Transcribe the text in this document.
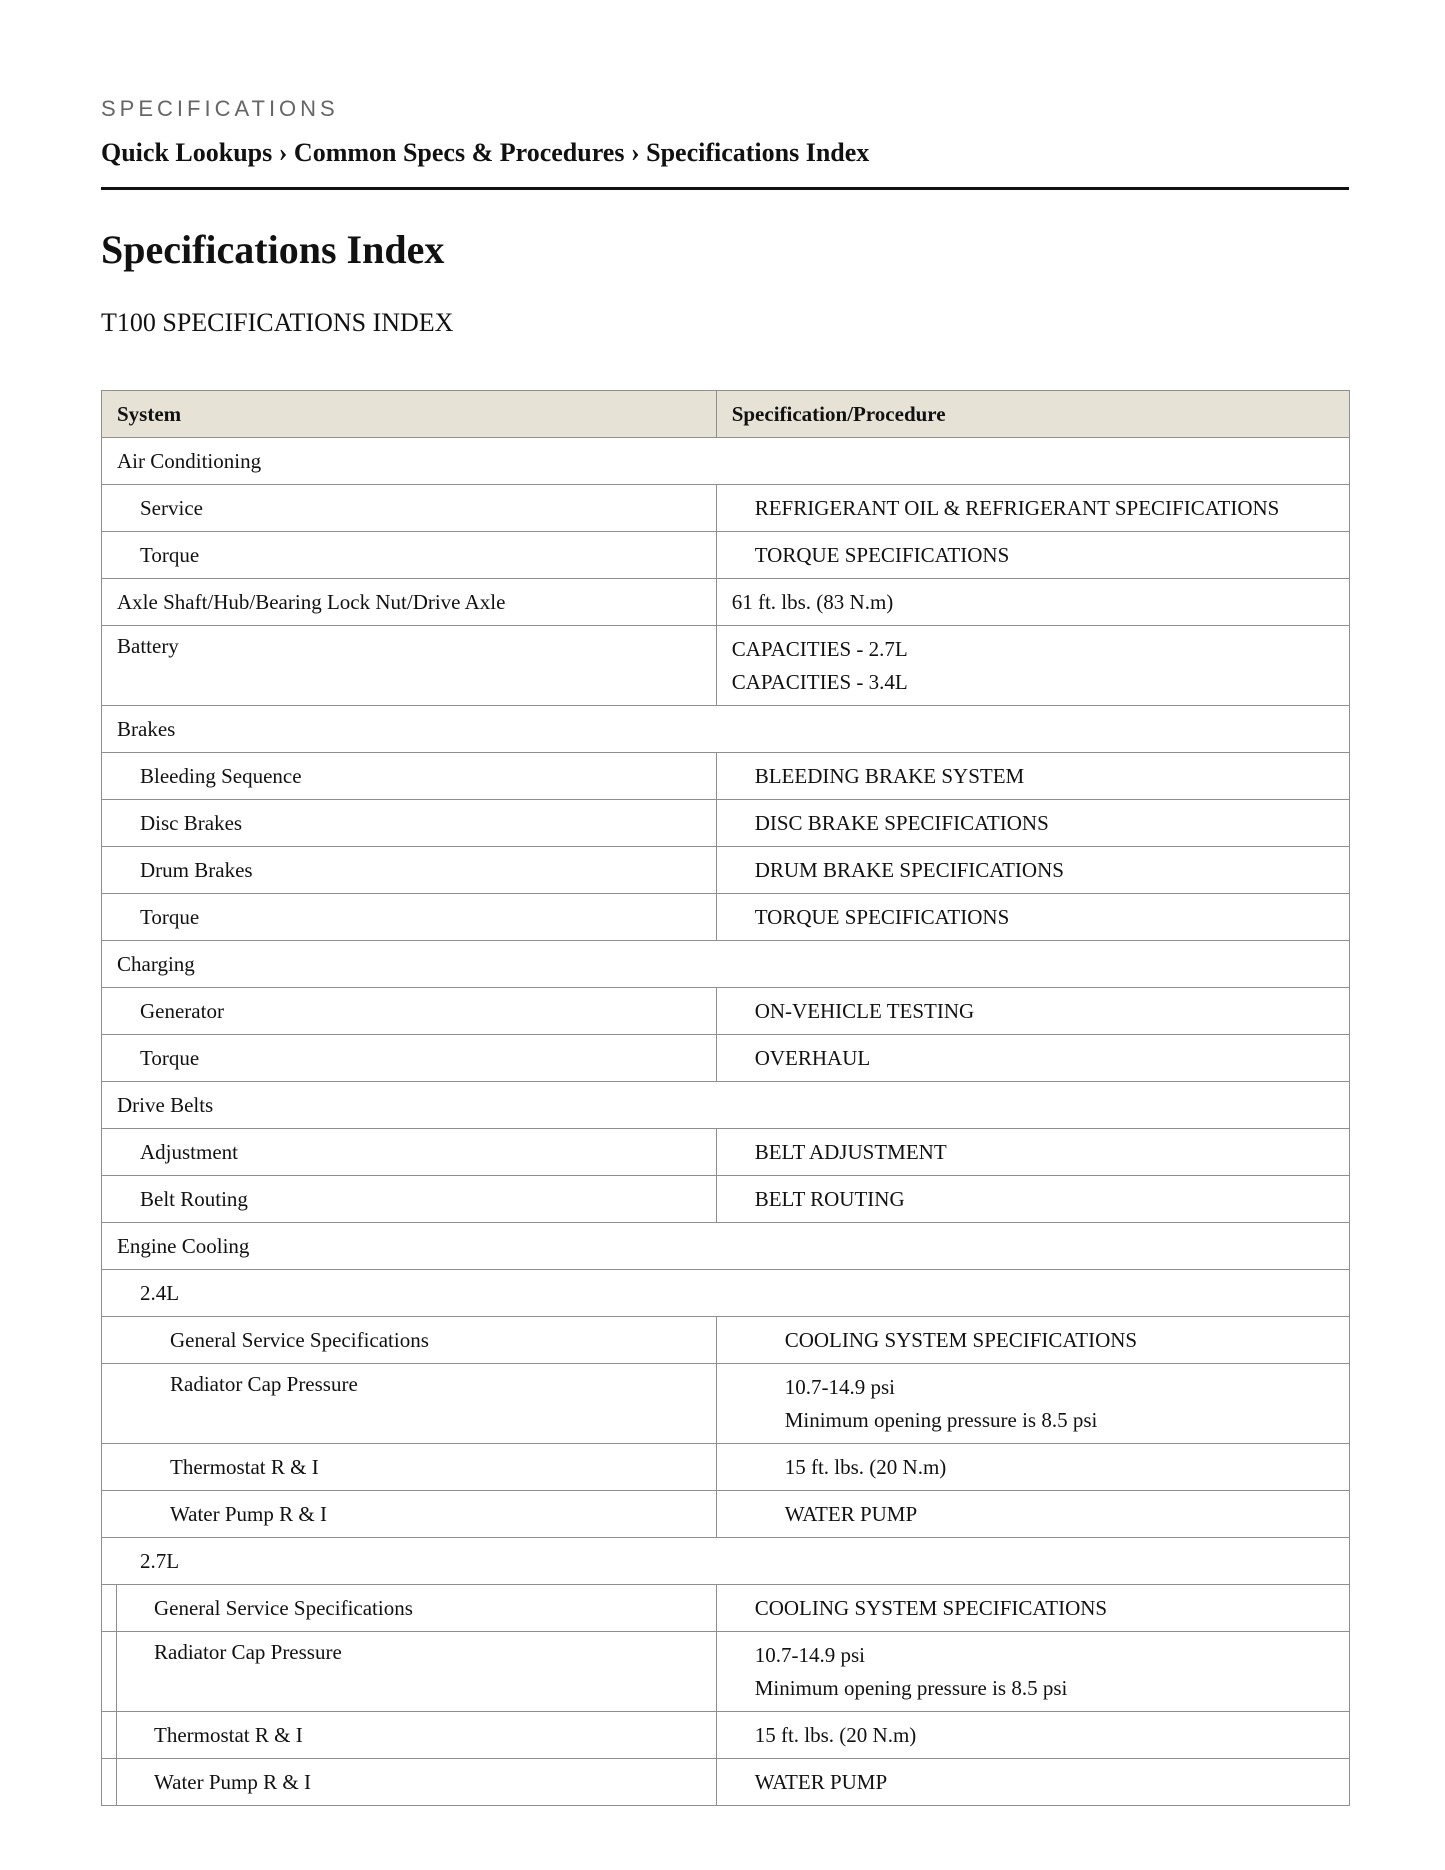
SPECIFICATIONS
Quick Lookups › Common Specs & Procedures › Specifications Index
Specifications Index
T100 SPECIFICATIONS INDEX
System		Specification/Procedure
Air Conditioning		
Service		REFRIGERANT OIL & REFRIGERANT SPECIFICATIONS
Torque		TORQUE SPECIFICATIONS
Axle Shaft/Hub/Bearing Lock Nut/Drive Axle		61 ft. lbs. (83 N.m)
Battery		CAPACITIES - 2.7L
CAPACITIES - 3.4L

Brakes		
Bleeding Sequence		BLEEDING BRAKE SYSTEM
Disc Brakes		DISC BRAKE SPECIFICATIONS
Drum Brakes		DRUM BRAKE SPECIFICATIONS
Torque		TORQUE SPECIFICATIONS
Charging		
Generator		ON-VEHICLE TESTING
Torque		OVERHAUL
Drive Belts		
Adjustment		BELT ADJUSTMENT
Belt Routing		BELT ROUTING
Engine Cooling		
2.4L		
General Service Specifications		COOLING SYSTEM SPECIFICATIONS
Radiator Cap Pressure		10.7-14.9 psi
Minimum opening pressure is 8.5 psi

Thermostat R & I		15 ft. lbs. (20 N.m)
Water Pump R & I		WATER PUMP
2.7L		
	General Service Specifications	COOLING SYSTEM SPECIFICATIONS
	Radiator Cap Pressure	10.7-14.9 psi
Minimum opening pressure is 8.5 psi

	Thermostat R & I	15 ft. lbs. (20 N.m)
	Water Pump R & I	WATER PUMP
